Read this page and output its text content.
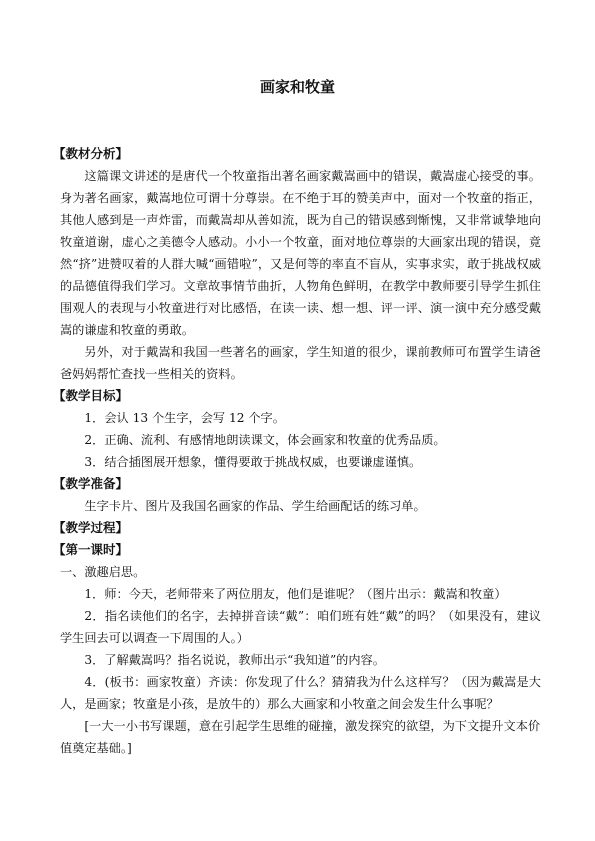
画家和牧童
【教材分析】
这篇课文讲述的是唐代一个牧童指出著名画家戴嵩画中的错误，戴嵩虚心接受的事。身为著名画家，戴嵩地位可谓十分尊崇。在不绝于耳的赞美声中，面对一个牧童的指正，其他人感到是一声炸雷，而戴嵩却从善如流，既为自己的错误感到惭愧，又非常诚挚地向牧童道谢，虚心之美德令人感动。小小一个牧童，面对地位尊崇的大画家出现的错误，竟然“挤”进赞叹着的人群大喊“画错啦”，又是何等的率直不盲从，实事求实，敢于挑战权威的品德值得我们学习。文章故事情节曲折，人物角色鲜明，在教学中教师要引导学生抓住围观人的表现与小牧童进行对比感悟，在读一读、想一想、评一评、演一演中充分感受戴嵩的谦虚和牧童的勇敢。
另外，对于戴嵩和我国一些著名的画家，学生知道的很少，课前教师可布置学生请爸爸妈妈帮忙查找一些相关的资料。
【教学目标】
1．会认 13 个生字，会写 12 个字。
2．正确、流利、有感情地朗读课文，体会画家和牧童的优秀品质。
3．结合插图展开想象，懂得要敢于挑战权威，也要谦虚谨慎。
【教学准备】
生字卡片、图片及我国名画家的作品、学生给画配话的练习单。
【教学过程】
【第一课时】
一、激趣启思。
1．师：今天，老师带来了两位朋友，他们是谁呢？（图片出示：戴嵩和牧童）
2．指名读他们的名字，去掉拼音读“戴”：咱们班有姓“戴”的吗？（如果没有，建议学生回去可以调查一下周围的人。）
3．了解戴嵩吗？指名说说，教师出示“我知道”的内容。
4．(板书：画家牧童）齐读：你发现了什么？猜猜我为什么这样写？（因为戴嵩是大人，是画家；牧童是小孩，是放牛的）那么大画家和小牧童之间会发生什么事呢？
[一大一小书写课题，意在引起学生思维的碰撞，激发探究的欲望，为下文提升文本价值奠定基础。]
